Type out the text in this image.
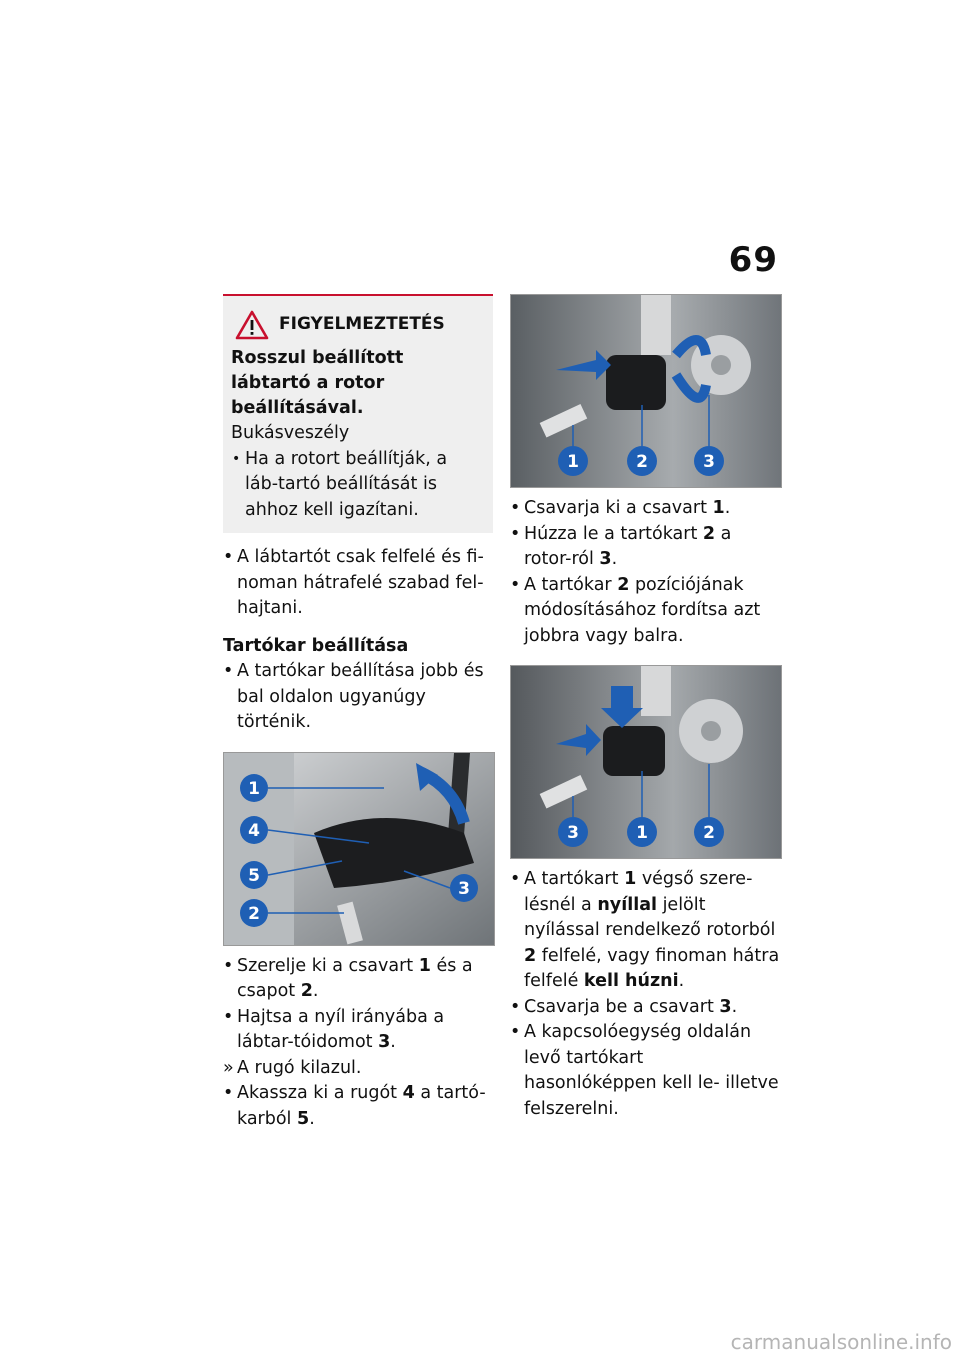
69
FIGYELMEZTETÉS
Rosszul beállított lábtartó a rotor beállításával.
Bukásveszély
• Ha a rotort beállítják, a láb-tartó beállítását is ahhoz kell igazítani.
• A lábtartót csak felfelé és fi-noman hátrafelé szabad fel-hajtani.
Tartókar beállítása
• A tartókar beállítása jobb és bal oldalon ugyanúgy történik.
1
4
5
2
3
• Szerelje ki a csavart 1 és a csapot 2.
• Hajtsa a nyíl irányába a lábtar-tóidomot 3.
» A rugó kilazul.
• Akassza ki a rugót 4 a tartó-karból 5.
1	2	3
• Csavarja ki a csavart 1.
• Húzza le a tartókart 2 a rotor-ról 3.
• A tartókar 2 pozíciójának módosításához fordítsa azt jobbra vagy balra.
3	1	2
• A tartókart 1 végső szere-lésnél a nyíllal jelölt nyílással rendelkező rotorból 2 felfelé, vagy finoman hátra felfelé kell húzni.
• Csavarja be a csavart 3.
• A kapcsolóegység oldalán levő tartókart hasonlóképpen kell le- illetve felszerelni.
carmanualsonline.info
